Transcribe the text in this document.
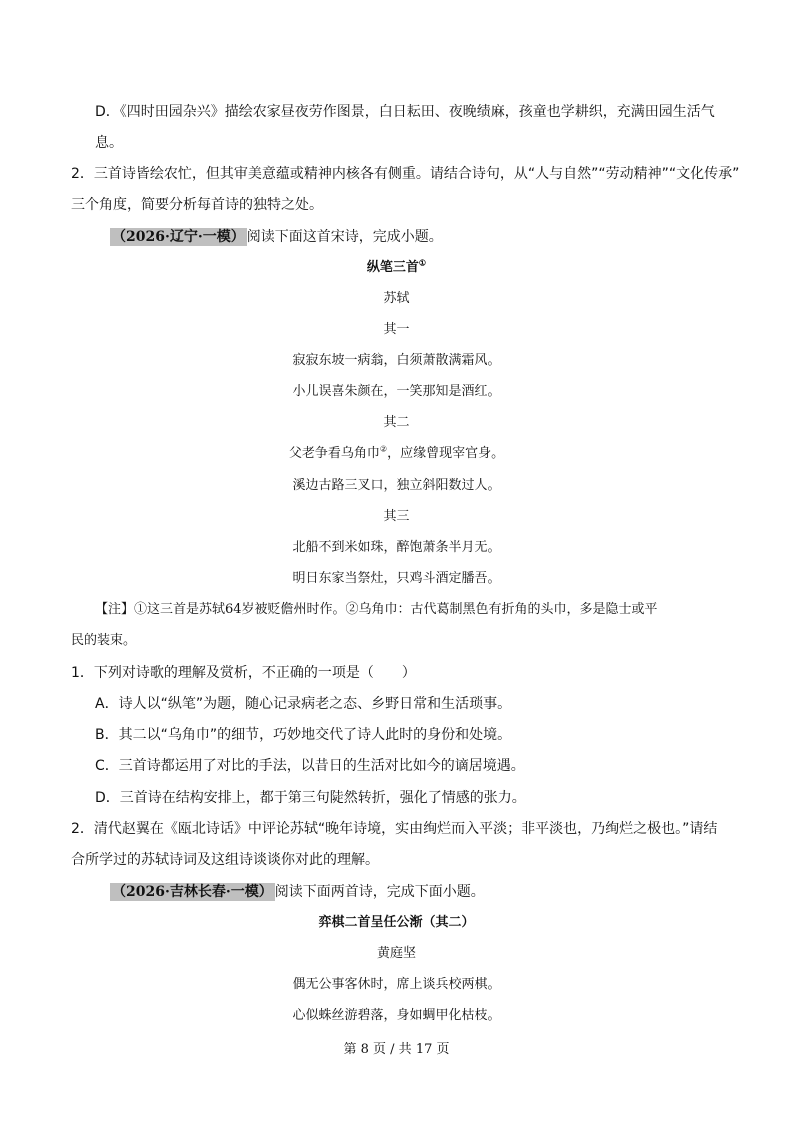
D．《四时田园杂兴》描绘农家昼夜劳作图景，白日耘田、夜晚绩麻，孩童也学耕织，充满田园生活气
息。
2．三首诗皆绘农忙，但其审美意蕴或精神内核各有侧重。请结合诗句，从“人与自然”“劳动精神”“文化传承”
三个角度，简要分析每首诗的独特之处。
（2026·辽宁·一模） 阅读下面这首宋诗，完成小题。
纵笔三首①
苏轼
其一
寂寂东坡一病翁，白须萧散满霜风。
小儿误喜朱颜在，一笑那知是酒红。
其二
父老争看乌角巾②，应缘曾现宰官身。
溪边古路三叉口，独立斜阳数过人。
其三
北船不到米如珠，醉饱萧条半月无。
明日东家当祭灶，只鸡斗酒定膰吾。
【注】①这三首是苏轼64岁被贬儋州时作。②乌角巾：古代葛制黑色有折角的头巾，多是隐士或平
民的装束。
1．下列对诗歌的理解及赏析，不正确的一项是（　　）
A．诗人以“纵笔”为题，随心记录病老之态、乡野日常和生活琐事。
B．其二以“乌角巾”的细节，巧妙地交代了诗人此时的身份和处境。
C．三首诗都运用了对比的手法，以昔日的生活对比如今的谪居境遇。
D．三首诗在结构安排上，都于第三句陡然转折，强化了情感的张力。
2．清代赵翼在《瓯北诗话》中评论苏轼“晚年诗境，实由绚烂而入平淡；非平淡也，乃绚烂之极也。”请结
合所学过的苏轼诗词及这组诗谈谈你对此的理解。
（2026·吉林长春·一模） 阅读下面两首诗，完成下面小题。
弈棋二首呈任公渐（其二）
黄庭坚
偶无公事客休时，席上谈兵校两棋。
心似蛛丝游碧落，身如蜩甲化枯枝。
第 8 页 / 共 17 页
